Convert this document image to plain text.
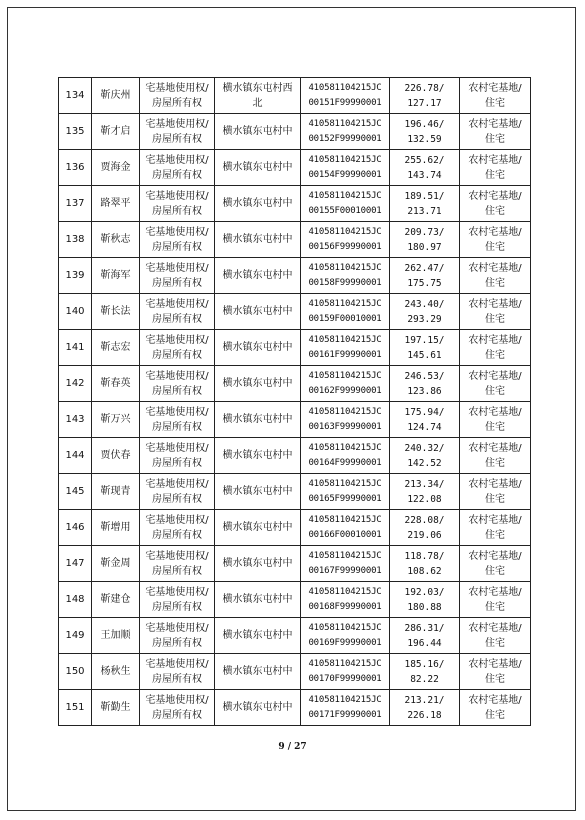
134	靳庆州	宅基地使用权/
房屋所有权	横水镇东屯村西
北	410581104215JC
00151F99990001	226.78/
127.17	农村宅基地/
住宅
135	靳才启	宅基地使用权/
房屋所有权	横水镇东屯村中	410581104215JC
00152F99990001	196.46/
132.59	农村宅基地/
住宅
136	贾海金	宅基地使用权/
房屋所有权	横水镇东屯村中	410581104215JC
00154F99990001	255.62/
143.74	农村宅基地/
住宅
137	路翠平	宅基地使用权/
房屋所有权	横水镇东屯村中	410581104215JC
00155F00010001	189.51/
213.71	农村宅基地/
住宅
138	靳秋志	宅基地使用权/
房屋所有权	横水镇东屯村中	410581104215JC
00156F99990001	209.73/
180.97	农村宅基地/
住宅
139	靳海军	宅基地使用权/
房屋所有权	横水镇东屯村中	410581104215JC
00158F99990001	262.47/
175.75	农村宅基地/
住宅
140	靳长法	宅基地使用权/
房屋所有权	横水镇东屯村中	410581104215JC
00159F00010001	243.40/
293.29	农村宅基地/
住宅
141	靳志宏	宅基地使用权/
房屋所有权	横水镇东屯村中	410581104215JC
00161F99990001	197.15/
145.61	农村宅基地/
住宅
142	靳春英	宅基地使用权/
房屋所有权	横水镇东屯村中	410581104215JC
00162F99990001	246.53/
123.86	农村宅基地/
住宅
143	靳万兴	宅基地使用权/
房屋所有权	横水镇东屯村中	410581104215JC
00163F99990001	175.94/
124.74	农村宅基地/
住宅
144	贾伏春	宅基地使用权/
房屋所有权	横水镇东屯村中	410581104215JC
00164F99990001	240.32/
142.52	农村宅基地/
住宅
145	靳现青	宅基地使用权/
房屋所有权	横水镇东屯村中	410581104215JC
00165F99990001	213.34/
122.08	农村宅基地/
住宅
146	靳增用	宅基地使用权/
房屋所有权	横水镇东屯村中	410581104215JC
00166F00010001	228.08/
219.06	农村宅基地/
住宅
147	靳金周	宅基地使用权/
房屋所有权	横水镇东屯村中	410581104215JC
00167F99990001	118.78/
108.62	农村宅基地/
住宅
148	靳建仓	宅基地使用权/
房屋所有权	横水镇东屯村中	410581104215JC
00168F99990001	192.03/
180.88	农村宅基地/
住宅
149	王加顺	宅基地使用权/
房屋所有权	横水镇东屯村中	410581104215JC
00169F99990001	286.31/
196.44	农村宅基地/
住宅
150	杨秋生	宅基地使用权/
房屋所有权	横水镇东屯村中	410581104215JC
00170F99990001	185.16/
82.22	农村宅基地/
住宅
151	靳勤生	宅基地使用权/
房屋所有权	横水镇东屯村中	410581104215JC
00171F99990001	213.21/
226.18	农村宅基地/
住宅
9 / 27
